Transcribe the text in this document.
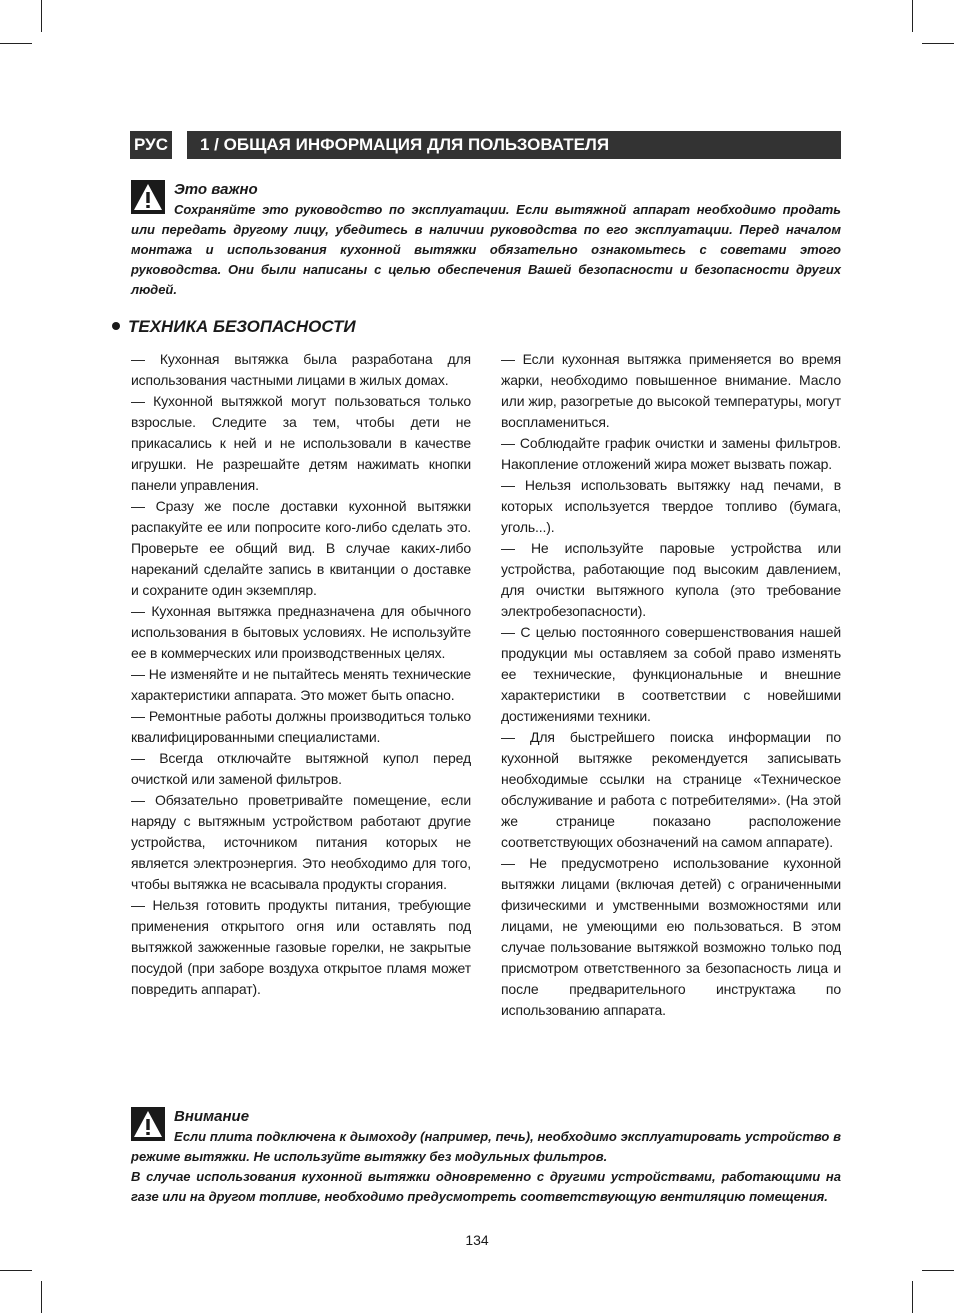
РУС	1 / ОБЩАЯ ИНФОРМАЦИЯ ДЛЯ ПОЛЬЗОВАТЕЛЯ
Это важно

Сохраняйте это руководство по эксплуатации. Если вытяжной аппарат необходимо продать или передать другому лицу, убедитесь в наличии руководства по его эксплуатации. Перед началом монтажа и использования кухонной вытяжки обязательно ознакомьтесь с советами этого руководства. Они были написаны с целью обеспечения Вашей безопасности и безопасности других людей.

ТЕХНИКА БЕЗОПАСНОСТИ

— Кухонная вытяжка была разработана для использования частными лицами в жилых домах.

— Кухонной вытяжкой могут пользоваться только взрослые. Следите за тем, чтобы дети не прикасались к ней и не использовали в качестве игрушки. Не разрешайте детям нажимать кнопки панели управления.

— Сразу же после доставки кухонной вытяжки распакуйте ее или попросите кого-либо сделать это. Проверьте ее общий вид. В случае каких-либо нареканий сделайте запись в квитанции о доставке и сохраните один экземпляр.

— Кухонная вытяжка предназначена для обычного использования в бытовых условиях. Не используйте ее в коммерческих или производственных целях.

— Не изменяйте и не пытайтесь менять технические характеристики аппарата. Это может быть опасно.

— Ремонтные работы должны производиться только квалифицированными специалистами.

— Всегда отключайте вытяжной купол перед очисткой или заменой фильтров.

— Обязательно проветривайте помещение, если наряду с вытяжным устройством работают другие устройства, источником питания которых не является электроэнергия. Это необходимо для того, чтобы вытяжка не всасывала продукты сгорания.

— Нельзя готовить продукты питания, требующие применения открытого огня или оставлять под вытяжкой зажженные газовые горелки, не закрытые посудой (при заборе воздуха открытое пламя может повредить аппарат).

— Если кухонная вытяжка применяется во время жарки, необходимо повышенное внимание. Масло или жир, разогретые до высокой температуры, могут воспламениться.

— Соблюдайте график очистки и замены фильтров. Накопление отложений жира может вызвать пожар.

— Нельзя использовать вытяжку над печами, в которых используется твердое топливо (бумага, уголь...).

— Не используйте паровые устройства или устройства, работающие под высоким давлением, для очистки вытяжного купола (это требование электробезопасности).

— С целью постоянного совершенствования нашей продукции мы оставляем за собой право изменять ее технические, функциональные и внешние характеристики в соответствии с новейшими достижениями техники.

— Для быстрейшего поиска информации по кухонной вытяжке рекомендуется записывать необходимые ссылки на странице «Техническое обслуживание и работа с потребителями». (На этой же странице показано расположение соответствующих обозначений на самом аппарате).

— Не предусмотрено использование кухонной вытяжки лицами (включая детей) с ограниченными физическими и умственными возможностями или лицами, не умеющими ею пользоваться. В этом случае пользование вытяжкой возможно только под присмотром ответственного за безопасность лица и после предварительного инструктажа по использованию аппарата.

Внимание

Если плита подключена к дымоходу (например, печь), необходимо эксплуатировать устройство в режиме вытяжки. Не используйте вытяжку без модульных фильтров.

В случае использования кухонной вытяжки одновременно с другими устройствами, работающими на газе или на другом топливе, необходимо предусмотреть соответствующую вентиляцию помещения.

134
